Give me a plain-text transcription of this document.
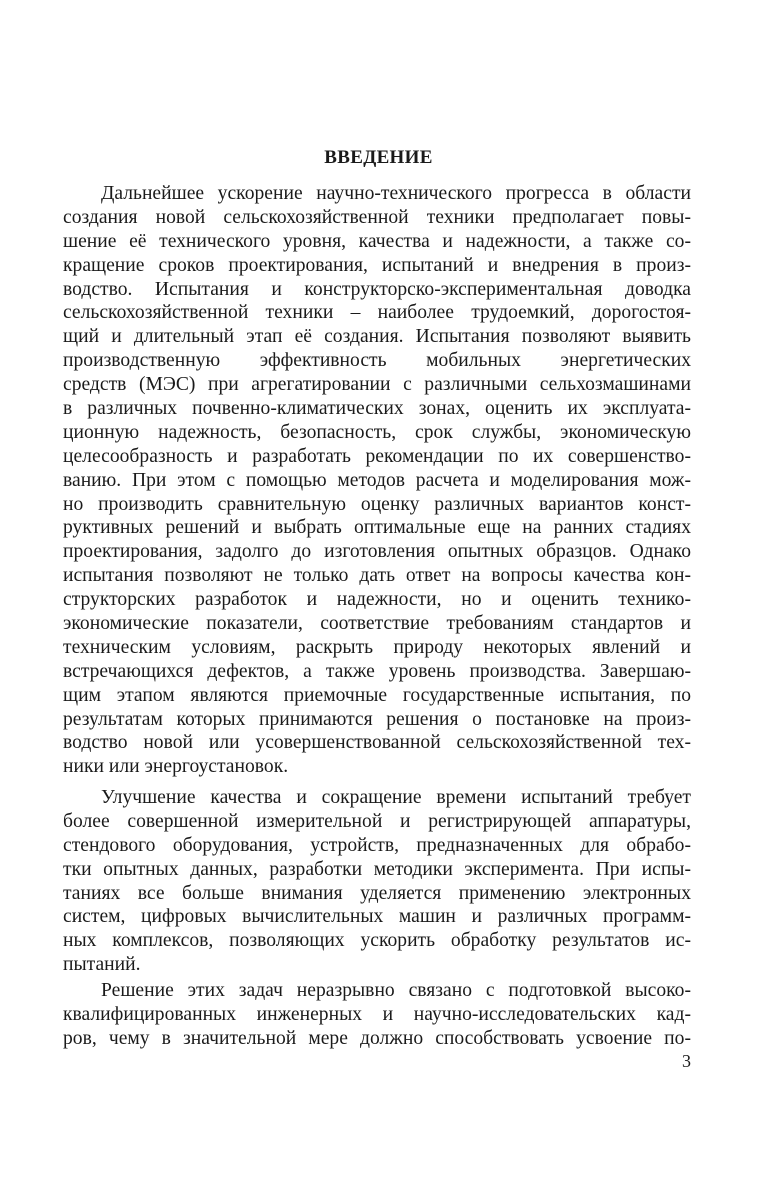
ВВЕДЕНИЕ
Дальнейшее ускорение научно-технического прогресса в области
создания новой сельскохозяйственной техники предполагает повы-
шение её технического уровня, качества и надежности, а также со-
кращение сроков проектирования, испытаний и внедрения в произ-
водство. Испытания и конструкторско-экспериментальная доводка
сельскохозяйственной техники – наиболее трудоемкий, дорогостоя-
щий и длительный этап её создания. Испытания позволяют выявить
производственную эффективность мобильных энергетических
средств (МЭС) при агрегатировании с различными сельхозмашинами
в различных почвенно-климатических зонах, оценить их эксплуата-
ционную надежность, безопасность, срок службы, экономическую
целесообразность и разработать рекомендации по их совершенство-
ванию. При этом с помощью методов расчета и моделирования мож-
но производить сравнительную оценку различных вариантов конст-
руктивных решений и выбрать оптимальные еще на ранних стадиях
проектирования, задолго до изготовления опытных образцов. Однако
испытания позволяют не только дать ответ на вопросы качества кон-
структорских разработок и надежности, но и оценить технико-
экономические показатели, соответствие требованиям стандартов и
техническим условиям, раскрыть природу некоторых явлений и
встречающихся дефектов, а также уровень производства. Завершаю-
щим этапом являются приемочные государственные испытания, по
результатам которых принимаются решения о постановке на произ-
водство новой или усовершенствованной сельскохозяйственной тех-
ники или энергоустановок.
Улучшение качества и сокращение времени испытаний требует
более совершенной измерительной и регистрирующей аппаратуры,
стендового оборудования, устройств, предназначенных для обрабо-
тки опытных данных, разработки методики эксперимента. При испы-
таниях все больше внимания уделяется применению электронных
систем, цифровых вычислительных машин и различных программ-
ных комплексов, позволяющих ускорить обработку результатов ис-
пытаний.
Решение этих задач неразрывно связано с подготовкой высоко-
квалифицированных инженерных и научно-исследовательских кад-
ров, чему в значительной мере должно способствовать усвоение по-
3
